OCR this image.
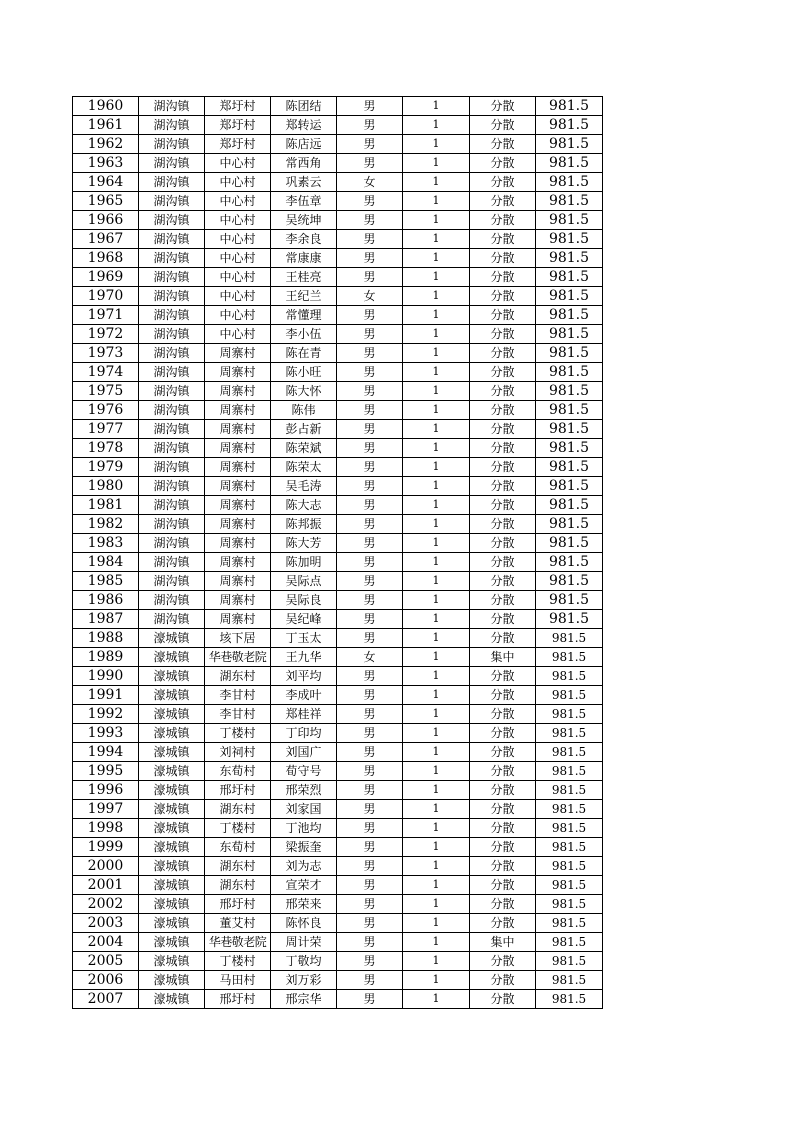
1960	湖沟镇	郑圩村	陈团结	男	1	分散	981.5
1961	湖沟镇	郑圩村	郑转运	男	1	分散	981.5
1962	湖沟镇	郑圩村	陈店远	男	1	分散	981.5
1963	湖沟镇	中心村	常西角	男	1	分散	981.5
1964	湖沟镇	中心村	巩素云	女	1	分散	981.5
1965	湖沟镇	中心村	李伍章	男	1	分散	981.5
1966	湖沟镇	中心村	吴统坤	男	1	分散	981.5
1967	湖沟镇	中心村	李余良	男	1	分散	981.5
1968	湖沟镇	中心村	常康康	男	1	分散	981.5
1969	湖沟镇	中心村	王桂亮	男	1	分散	981.5
1970	湖沟镇	中心村	王纪兰	女	1	分散	981.5
1971	湖沟镇	中心村	常懂理	男	1	分散	981.5
1972	湖沟镇	中心村	李小伍	男	1	分散	981.5
1973	湖沟镇	周寨村	陈在青	男	1	分散	981.5
1974	湖沟镇	周寨村	陈小旺	男	1	分散	981.5
1975	湖沟镇	周寨村	陈大怀	男	1	分散	981.5
1976	湖沟镇	周寨村	陈伟	男	1	分散	981.5
1977	湖沟镇	周寨村	彭占新	男	1	分散	981.5
1978	湖沟镇	周寨村	陈荣斌	男	1	分散	981.5
1979	湖沟镇	周寨村	陈荣太	男	1	分散	981.5
1980	湖沟镇	周寨村	吴毛涛	男	1	分散	981.5
1981	湖沟镇	周寨村	陈大志	男	1	分散	981.5
1982	湖沟镇	周寨村	陈邦振	男	1	分散	981.5
1983	湖沟镇	周寨村	陈大芳	男	1	分散	981.5
1984	湖沟镇	周寨村	陈加明	男	1	分散	981.5
1985	湖沟镇	周寨村	吴际点	男	1	分散	981.5
1986	湖沟镇	周寨村	吴际良	男	1	分散	981.5
1987	湖沟镇	周寨村	吴纪峰	男	1	分散	981.5
1988	濠城镇	垓下居	丁玉太	男	1	分散	981.5
1989	濠城镇	华巷敬老院	王九华	女	1	集中	981.5
1990	濠城镇	湖东村	刘平均	男	1	分散	981.5
1991	濠城镇	李甘村	李成叶	男	1	分散	981.5
1992	濠城镇	李甘村	郑桂祥	男	1	分散	981.5
1993	濠城镇	丁楼村	丁印均	男	1	分散	981.5
1994	濠城镇	刘祠村	刘国广	男	1	分散	981.5
1995	濠城镇	东荀村	荀守号	男	1	分散	981.5
1996	濠城镇	邢圩村	邢荣烈	男	1	分散	981.5
1997	濠城镇	湖东村	刘家国	男	1	分散	981.5
1998	濠城镇	丁楼村	丁池均	男	1	分散	981.5
1999	濠城镇	东荀村	梁振奎	男	1	分散	981.5
2000	濠城镇	湖东村	刘为志	男	1	分散	981.5
2001	濠城镇	湖东村	宣荣才	男	1	分散	981.5
2002	濠城镇	邢圩村	邢荣来	男	1	分散	981.5
2003	濠城镇	董艾村	陈怀良	男	1	分散	981.5
2004	濠城镇	华巷敬老院	周计荣	男	1	集中	981.5
2005	濠城镇	丁楼村	丁敬均	男	1	分散	981.5
2006	濠城镇	马田村	刘万彩	男	1	分散	981.5
2007	濠城镇	邢圩村	邢宗华	男	1	分散	981.5
